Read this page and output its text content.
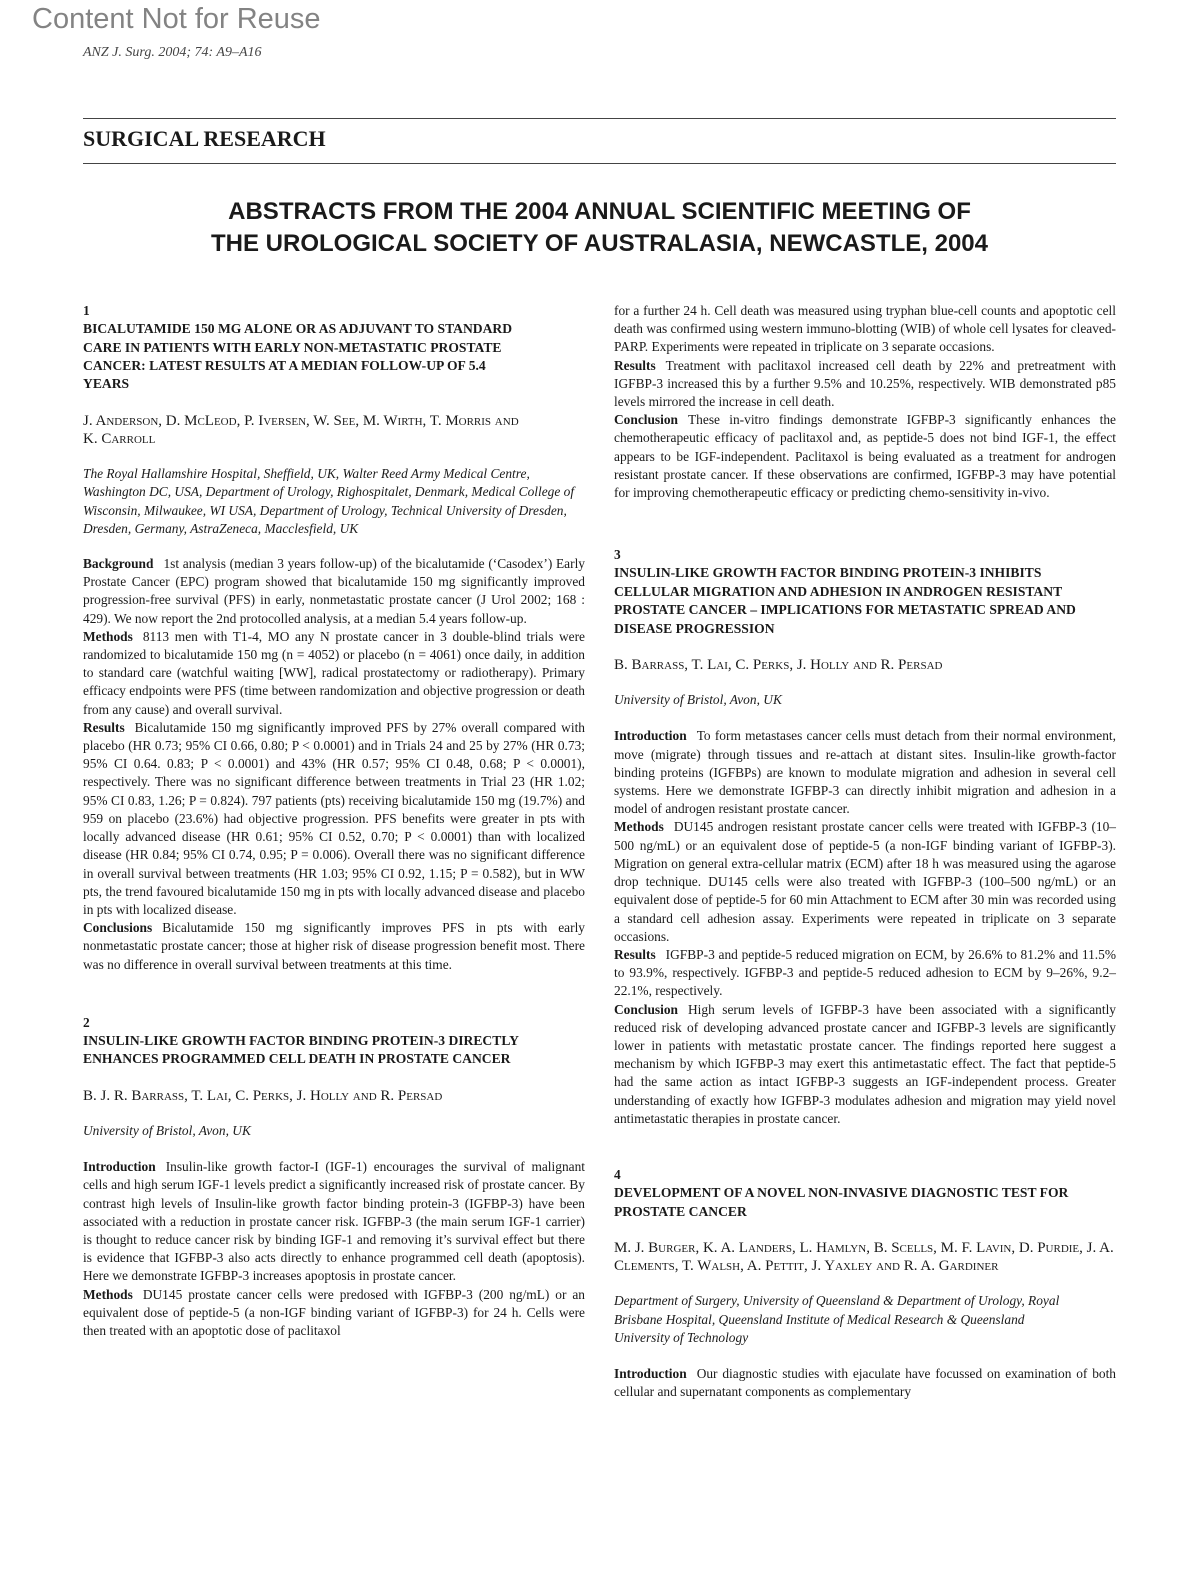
Content Not for Reuse
ANZ J. Surg. 2004; 74: A9–A16
SURGICAL RESEARCH
ABSTRACTS FROM THE 2004 ANNUAL SCIENTIFIC MEETING OF
THE UROLOGICAL SOCIETY OF AUSTRALASIA, NEWCASTLE, 2004
1
BICALUTAMIDE 150 MG ALONE OR AS ADJUVANT TO STANDARD CARE IN PATIENTS WITH EARLY NON-METASTATIC PROSTATE CANCER: LATEST RESULTS AT A MEDIAN FOLLOW-UP OF 5.4 YEARS
J. Anderson, D. McLeod, P. Iversen, W. See, M. Wirth, T. Morris and K. Carroll
The Royal Hallamshire Hospital, Sheffield, UK, Walter Reed Army Medical Centre, Washington DC, USA, Department of Urology, Righospitalet, Denmark, Medical College of Wisconsin, Milwaukee, WI USA, Department of Urology, Technical University of Dresden, Dresden, Germany, AstraZeneca, Macclesfield, UK

Background 1st analysis (median 3 years follow-up) of the bicalutamide (‘Casodex’) Early Prostate Cancer (EPC) program showed that bicalutamide 150 mg significantly improved progression-free survival (PFS) in early, nonmetastatic prostate cancer (J Urol 2002; 168 : 429). We now report the 2nd protocolled analysis, at a median 5.4 years follow-up.

Methods 8113 men with T1-4, MO any N prostate cancer in 3 double-blind trials were randomized to bicalutamide 150 mg (n = 4052) or placebo (n = 4061) once daily, in addition to standard care (watchful waiting [WW], radical prostatectomy or radiotherapy). Primary efficacy endpoints were PFS (time between randomization and objective progression or death from any cause) and overall survival.

Results Bicalutamide 150 mg significantly improved PFS by 27% overall compared with placebo (HR 0.73; 95% CI 0.66, 0.80; P < 0.0001) and in Trials 24 and 25 by 27% (HR 0.73; 95% CI 0.64. 0.83; P < 0.0001) and 43% (HR 0.57; 95% CI 0.48, 0.68; P < 0.0001), respectively. There was no significant difference between treatments in Trial 23 (HR 1.02; 95% CI 0.83, 1.26; P = 0.824). 797 patients (pts) receiving bicalutamide 150 mg (19.7%) and 959 on placebo (23.6%) had objective progression. PFS benefits were greater in pts with locally advanced disease (HR 0.61; 95% CI 0.52, 0.70; P < 0.0001) than with localized disease (HR 0.84; 95% CI 0.74, 0.95; P = 0.006). Overall there was no significant difference in overall survival between treatments (HR 1.03; 95% CI 0.92, 1.15; P = 0.582), but in WW pts, the trend favoured bicalutamide 150 mg in pts with locally advanced disease and placebo in pts with localized disease.

Conclusions Bicalutamide 150 mg significantly improves PFS in pts with early nonmetastatic prostate cancer; those at higher risk of disease progression benefit most. There was no difference in overall survival between treatments at this time.

2
INSULIN-LIKE GROWTH FACTOR BINDING PROTEIN-3 DIRECTLY ENHANCES PROGRAMMED CELL DEATH IN PROSTATE CANCER
B. J. R. Barrass, T. Lai, C. Perks, J. Holly and R. Persad
University of Bristol, Avon, UK

Introduction Insulin-like growth factor-I (IGF-1) encourages the survival of malignant cells and high serum IGF-1 levels predict a significantly increased risk of prostate cancer. By contrast high levels of Insulin-like growth factor binding protein-3 (IGFBP-3) have been associated with a reduction in prostate cancer risk. IGFBP-3 (the main serum IGF-1 carrier) is thought to reduce cancer risk by binding IGF-1 and removing it’s survival effect but there is evidence that IGFBP-3 also acts directly to enhance programmed cell death (apoptosis). Here we demonstrate IGFBP-3 increases apoptosis in prostate cancer.

Methods DU145 prostate cancer cells were predosed with IGFBP-3 (200 ng/mL) or an equivalent dose of peptide-5 (a non-IGF binding variant of IGFBP-3) for 24 h. Cells were then treated with an apoptotic dose of paclitaxol

for a further 24 h. Cell death was measured using tryphan blue-cell counts and apoptotic cell death was confirmed using western immuno-blotting (WIB) of whole cell lysates for cleaved-PARP. Experiments were repeated in triplicate on 3 separate occasions.

Results Treatment with paclitaxol increased cell death by 22% and pretreatment with IGFBP-3 increased this by a further 9.5% and 10.25%, respectively. WIB demonstrated p85 levels mirrored the increase in cell death.

Conclusion These in-vitro findings demonstrate IGFBP-3 significantly enhances the chemotherapeutic efficacy of paclitaxol and, as peptide-5 does not bind IGF-1, the effect appears to be IGF-independent. Paclitaxol is being evaluated as a treatment for androgen resistant prostate cancer. If these observations are confirmed, IGFBP-3 may have potential for improving chemotherapeutic efficacy or predicting chemo-sensitivity in-vivo.

3
INSULIN-LIKE GROWTH FACTOR BINDING PROTEIN-3 INHIBITS CELLULAR MIGRATION AND ADHESION IN ANDROGEN RESISTANT PROSTATE CANCER – IMPLICATIONS FOR METASTATIC SPREAD AND DISEASE PROGRESSION
B. Barrass, T. Lai, C. Perks, J. Holly and R. Persad
University of Bristol, Avon, UK

Introduction To form metastases cancer cells must detach from their normal environment, move (migrate) through tissues and re-attach at distant sites. Insulin-like growth-factor binding proteins (IGFBPs) are known to modulate migration and adhesion in several cell systems. Here we demonstrate IGFBP-3 can directly inhibit migration and adhesion in a model of androgen resistant prostate cancer.

Methods DU145 androgen resistant prostate cancer cells were treated with IGFBP-3 (10–500 ng/mL) or an equivalent dose of peptide-5 (a non-IGF binding variant of IGFBP-3). Migration on general extra-cellular matrix (ECM) after 18 h was measured using the agarose drop technique. DU145 cells were also treated with IGFBP-3 (100–500 ng/mL) or an equivalent dose of peptide-5 for 60 min Attachment to ECM after 30 min was recorded using a standard cell adhesion assay. Experiments were repeated in triplicate on 3 separate occasions.

Results IGFBP-3 and peptide-5 reduced migration on ECM, by 26.6% to 81.2% and 11.5% to 93.9%, respectively. IGFBP-3 and peptide-5 reduced adhesion to ECM by 9–26%, 9.2–22.1%, respectively.

Conclusion High serum levels of IGFBP-3 have been associated with a significantly reduced risk of developing advanced prostate cancer and IGFBP-3 levels are significantly lower in patients with metastatic prostate cancer. The findings reported here suggest a mechanism by which IGFBP-3 may exert this antimetastatic effect. The fact that peptide-5 had the same action as intact IGFBP-3 suggests an IGF-independent process. Greater understanding of exactly how IGFBP-3 modulates adhesion and migration may yield novel antimetastatic therapies in prostate cancer.

4
DEVELOPMENT OF A NOVEL NON-INVASIVE DIAGNOSTIC TEST FOR PROSTATE CANCER
M. J. Burger, K. A. Landers, L. Hamlyn, B. Scells, M. F. Lavin, D. Purdie, J. A. Clements, T. Walsh, A. Pettit, J. Yaxley and R. A. Gardiner
Department of Surgery, University of Queensland & Department of Urology, Royal Brisbane Hospital, Queensland Institute of Medical Research & Queensland University of Technology

Introduction Our diagnostic studies with ejaculate have focussed on examination of both cellular and supernatant components as complementary
